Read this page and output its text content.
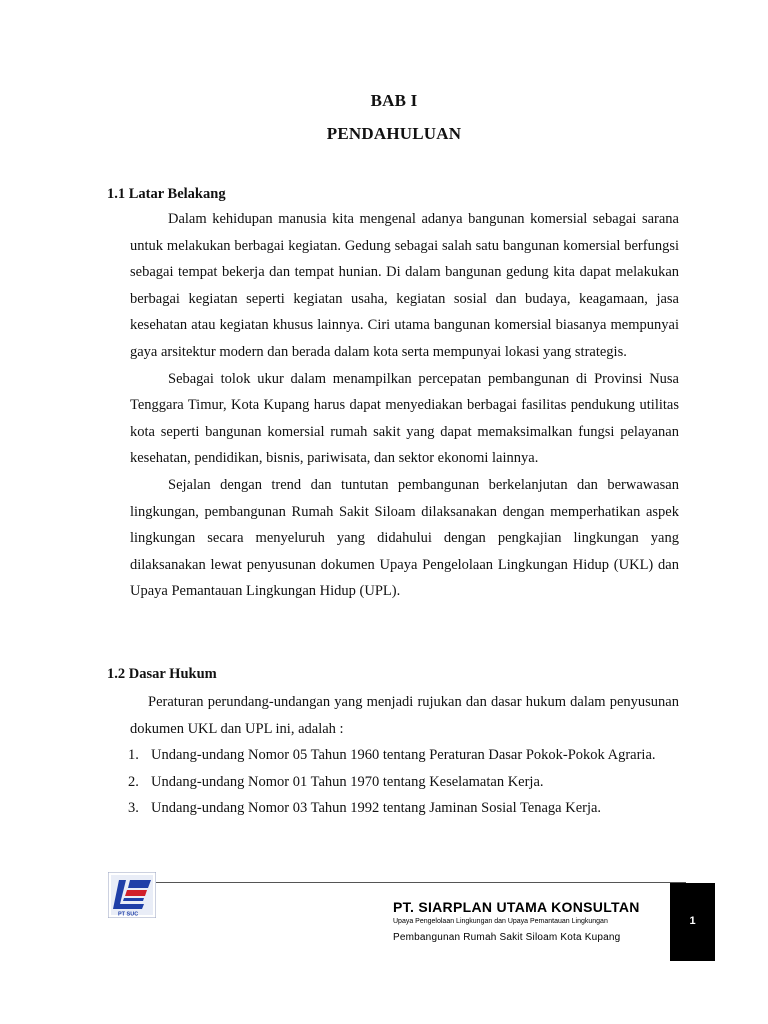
BAB I
PENDAHULUAN
1.1 Latar Belakang

Dalam kehidupan manusia kita mengenal adanya bangunan komersial sebagai sarana untuk melakukan berbagai kegiatan. Gedung sebagai salah satu bangunan komersial berfungsi sebagai tempat bekerja dan tempat hunian. Di dalam bangunan gedung kita dapat melakukan berbagai kegiatan seperti kegiatan usaha, kegiatan sosial dan budaya, keagamaan, jasa kesehatan atau kegiatan khusus lainnya. Ciri utama bangunan komersial biasanya mempunyai gaya arsitektur modern dan berada dalam kota serta mempunyai lokasi yang strategis.

Sebagai tolok ukur dalam menampilkan percepatan pembangunan di Provinsi Nusa Tenggara Timur, Kota Kupang harus dapat menyediakan berbagai fasilitas pendukung utilitas kota seperti bangunan komersial rumah sakit yang dapat memaksimalkan fungsi pelayanan kesehatan, pendidikan, bisnis, pariwisata, dan sektor ekonomi lainnya.

Sejalan dengan trend dan tuntutan pembangunan berkelanjutan dan berwawasan lingkungan, pembangunan Rumah Sakit Siloam dilaksanakan dengan memperhatikan aspek lingkungan secara menyeluruh yang didahului dengan pengkajian lingkungan yang dilaksanakan lewat penyusunan dokumen Upaya Pengelolaan Lingkungan Hidup (UKL) dan Upaya Pemantauan Lingkungan Hidup (UPL).

1.2 Dasar Hukum

Peraturan perundang-undangan yang menjadi rujukan dan dasar hukum dalam penyusunan dokumen UKL dan UPL ini, adalah :

1. Undang-undang Nomor 05 Tahun 1960 tentang Peraturan Dasar Pokok-Pokok Agraria.
2. Undang-undang Nomor 01 Tahun 1970 tentang Keselamatan Kerja.
3. Undang-undang Nomor 03 Tahun 1992 tentang Jaminan Sosial Tenaga Kerja.
PT SUC	PT. SIARPLAN UTAMA KONSULTAN
Upaya Pengelolaan Lingkungan dan Upaya Pemantauan Lingkungan
Pembangunan Rumah Sakit Siloam Kota Kupang
1
